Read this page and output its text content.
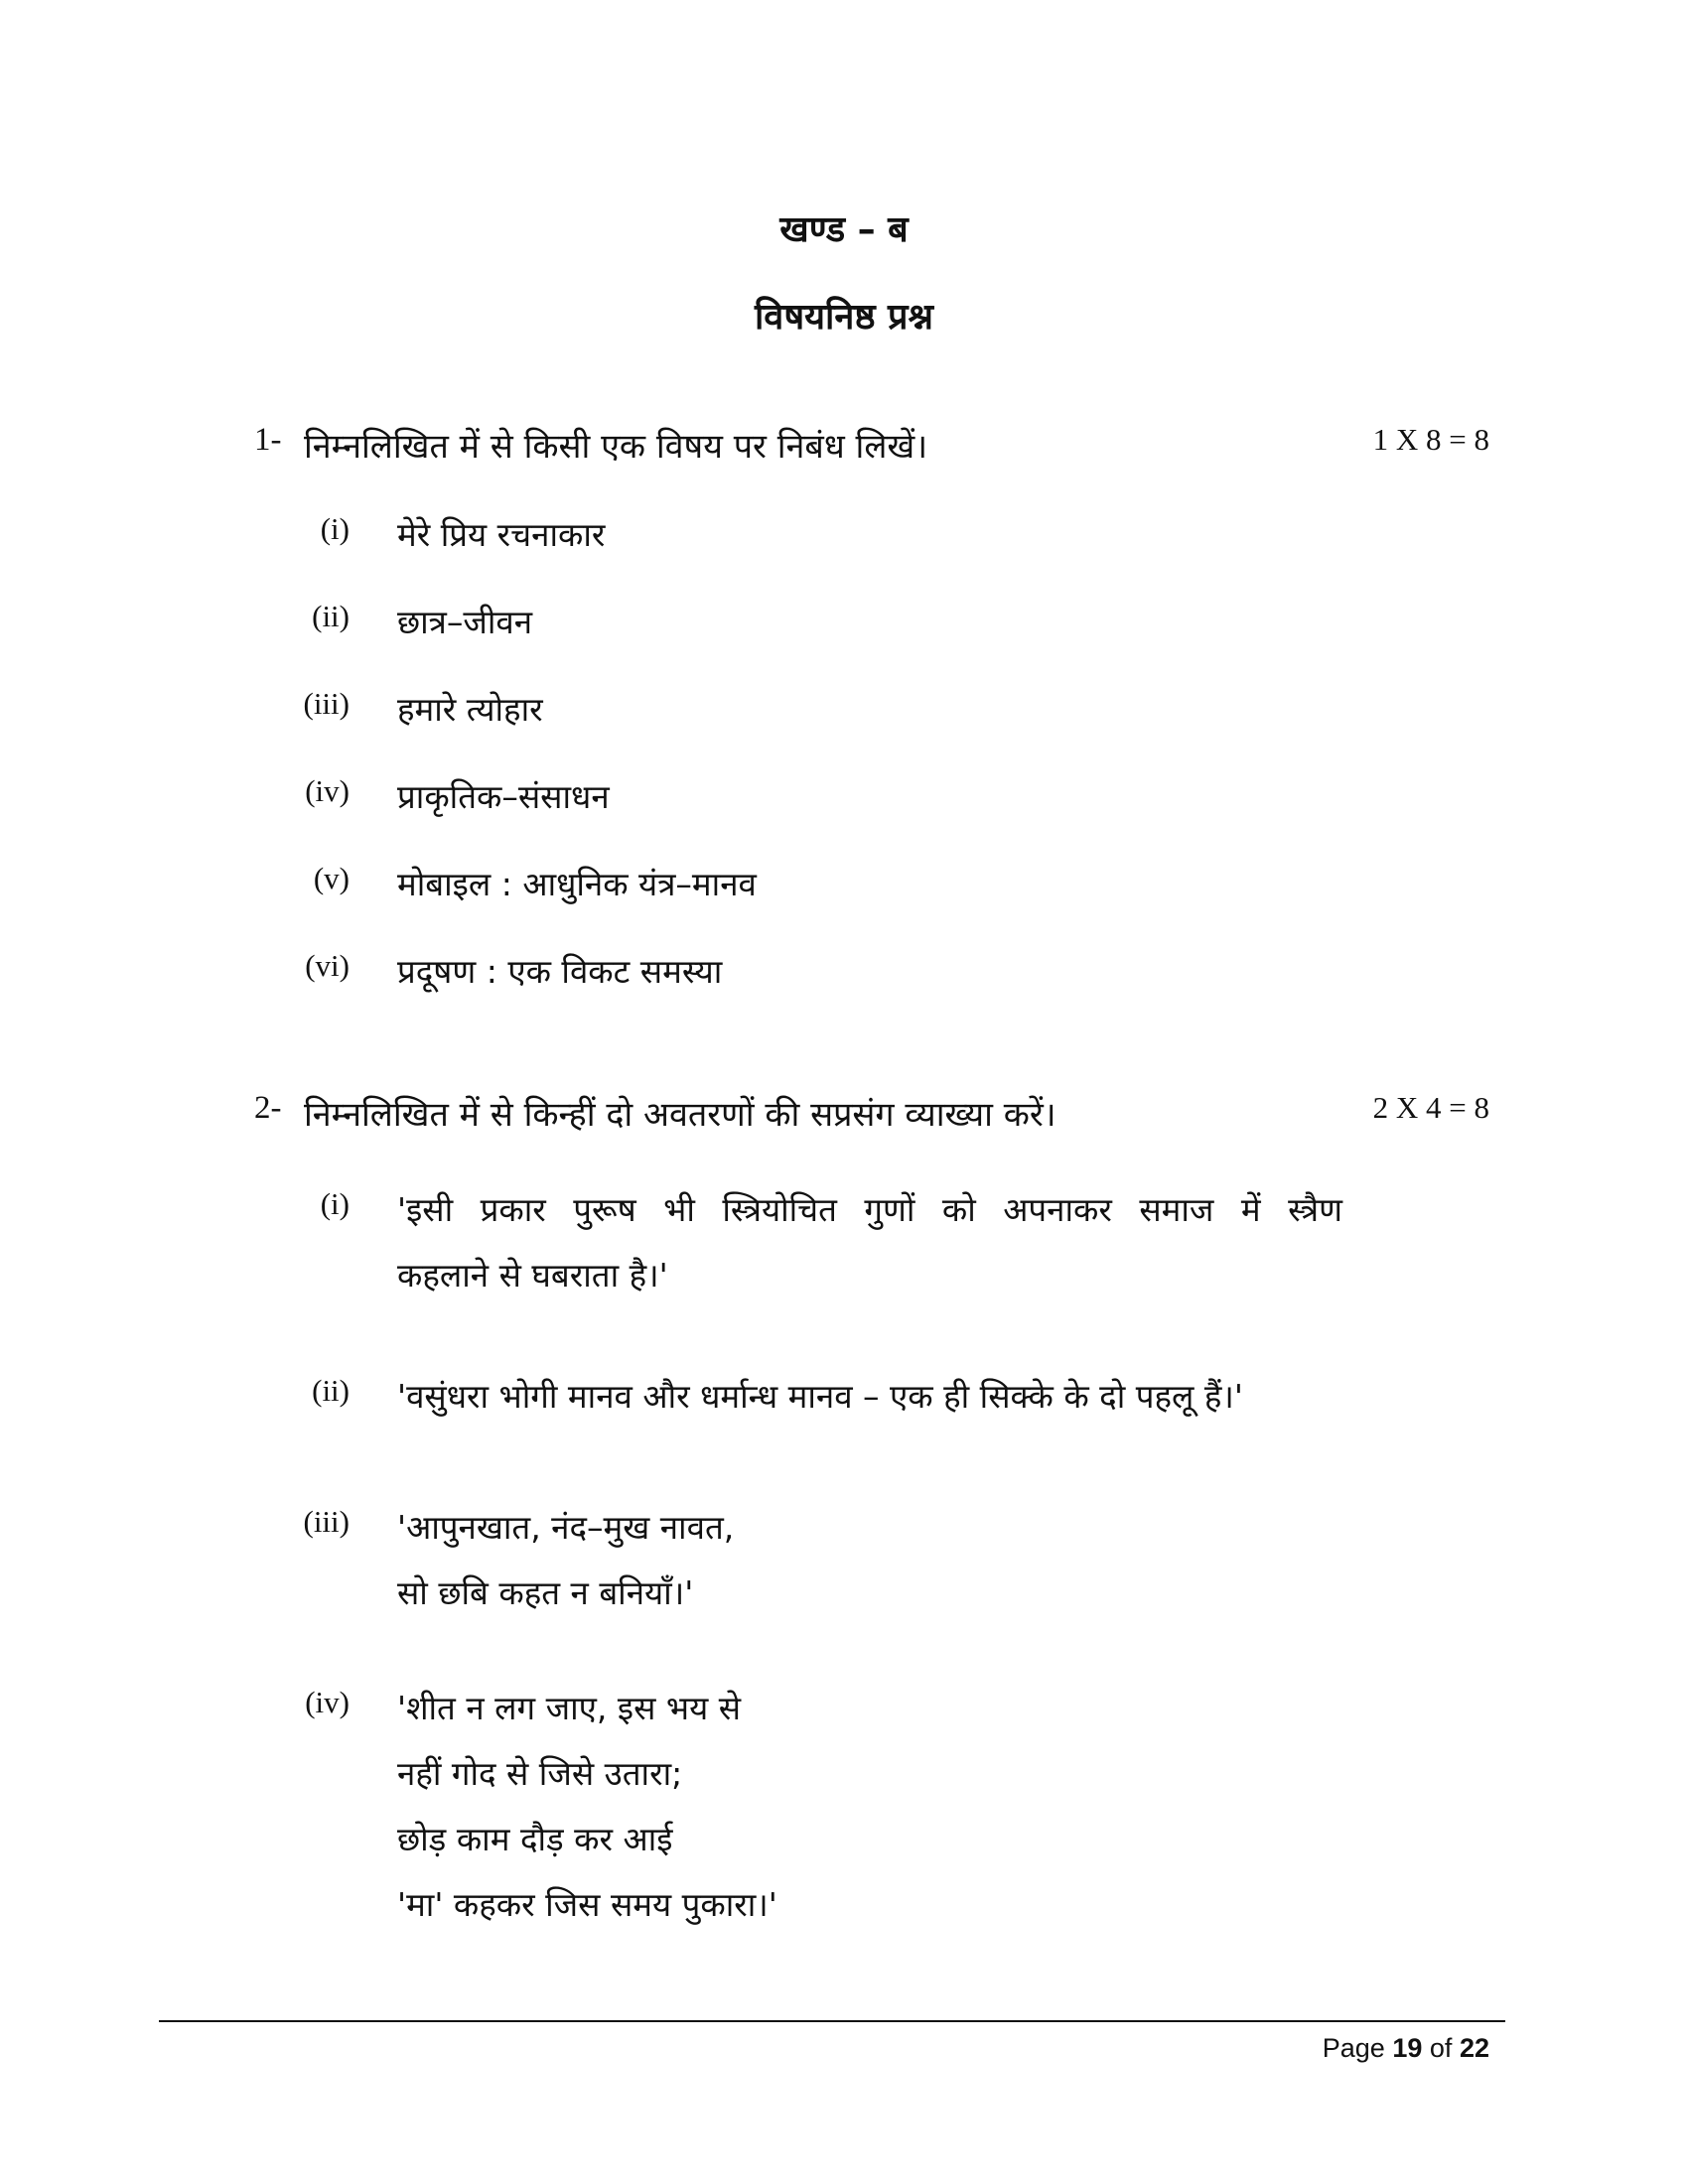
खण्ड – ब
विषयनिष्ठ प्रश्न
1- निम्नलिखित में से किसी एक विषय पर निबंध लिखें।	1 X 8 = 8
(i) मेरे प्रिय रचनाकार
(ii) छात्र–जीवन
(iii) हमारे त्योहार
(iv) प्राकृतिक–संसाधन
(v) मोबाइल : आधुनिक यंत्र–मानव
(vi) प्रदूषण : एक विकट समस्या
2- निम्नलिखित में से किन्हीं दो अवतरणों की सप्रसंग व्याख्या करें।	2 X 4 = 8
(i) 'इसी प्रकार पुरूष भी स्त्रियोचित गुणों को अपनाकर समाज में स्त्रैण
कहलाने से घबराता है।'
(ii) 'वसुंधरा भोगी मानव और धर्मान्ध मानव – एक ही सिक्के के दो पहलू हैं।'
(iii) 'आपुनखात, नंद–मुख नावत,
सो छबि कहत न बनियाँ।'
(iv) 'शीत न लग जाए, इस भय से
नहीं गोद से जिसे उतारा;
छोड़ काम दौड़ कर आई
'मा' कहकर जिस समय पुकारा।'
Page 19 of 22
